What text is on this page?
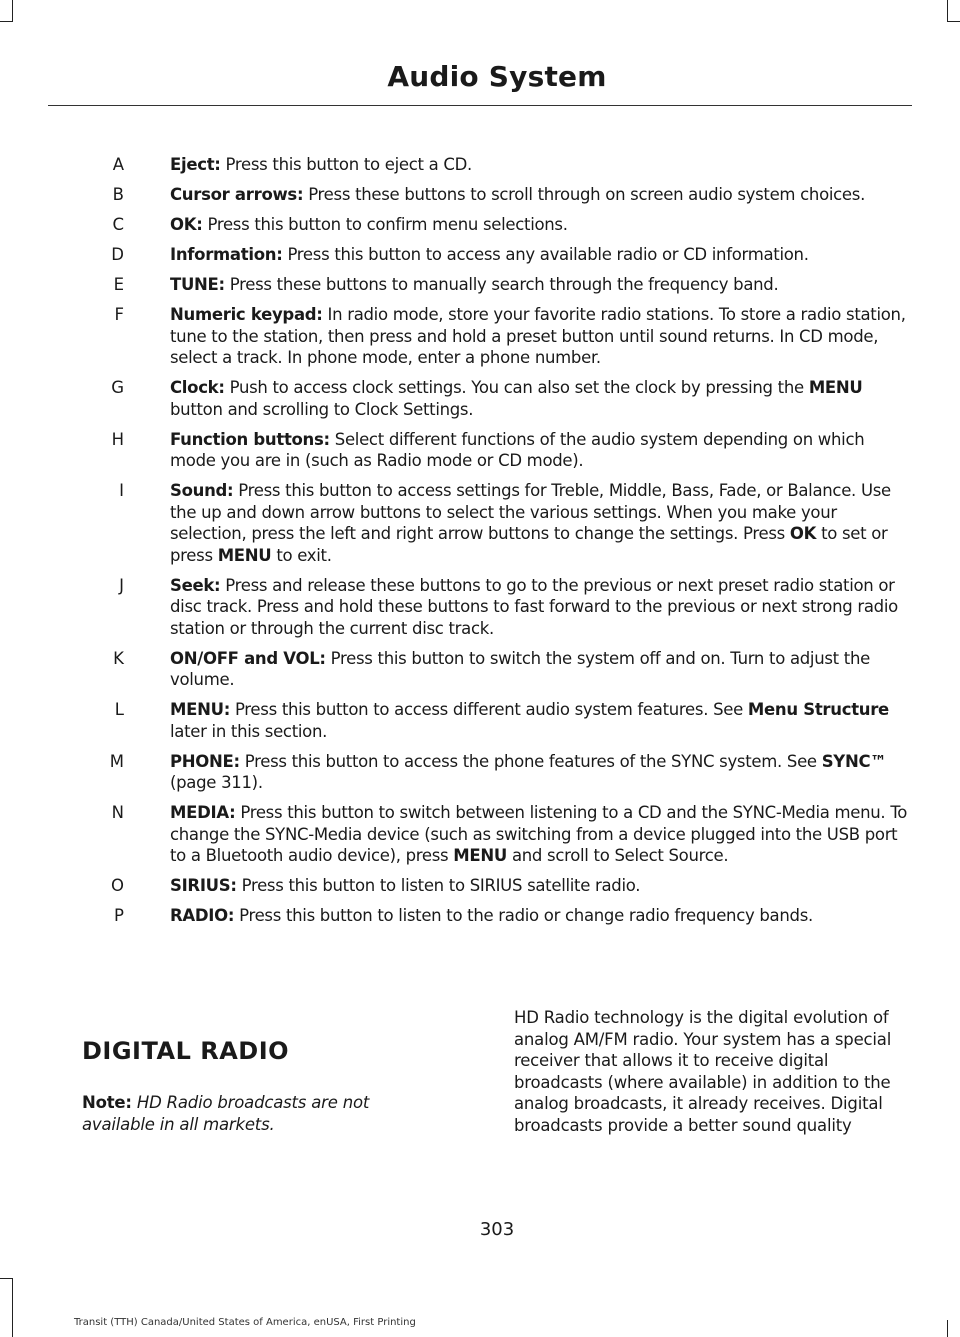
Audio System
A	Eject: Press this button to eject a CD.
B	Cursor arrows: Press these buttons to scroll through on screen audio system choices.
C	OK: Press this button to confirm menu selections.
D	Information: Press this button to access any available radio or CD information.
E	TUNE: Press these buttons to manually search through the frequency band.
F	Numeric keypad: In radio mode, store your favorite radio stations. To store a radio station, tune to the station, then press and hold a preset button until sound returns. In CD mode, select a track. In phone mode, enter a phone number.
G	Clock: Push to access clock settings. You can also set the clock by pressing the MENU button and scrolling to Clock Settings.
H	Function buttons: Select different functions of the audio system depending on which mode you are in (such as Radio mode or CD mode).
I	Sound: Press this button to access settings for Treble, Middle, Bass, Fade, or Balance. Use the up and down arrow buttons to select the various settings. When you make your selection, press the left and right arrow buttons to change the settings. Press OK to set or press MENU to exit.
J	Seek: Press and release these buttons to go to the previous or next preset radio station or disc track. Press and hold these buttons to fast forward to the previous or next strong radio station or through the current disc track.
K	ON/OFF and VOL: Press this button to switch the system off and on. Turn to adjust the volume.
L	MENU: Press this button to access different audio system features. See Menu Structure later in this section.
M	PHONE: Press this button to access the phone features of the SYNC system. See SYNC™ (page 311).
N	MEDIA: Press this button to switch between listening to a CD and the SYNC-Media menu. To change the SYNC-Media device (such as switching from a device plugged into the USB port to a Bluetooth audio device), press MENU and scroll to Select Source.
O	SIRIUS: Press this button to listen to SIRIUS satellite radio.
P	RADIO: Press this button to listen to the radio or change radio frequency bands.
DIGITAL RADIO
Note: HD Radio broadcasts are not available in all markets.
HD Radio technology is the digital evolution of analog AM/FM radio. Your system has a special receiver that allows it to receive digital broadcasts (where available) in addition to the analog broadcasts, it already receives. Digital broadcasts provide a better sound quality
303
Transit (TTH) Canada/United States of America, enUSA, First Printing
